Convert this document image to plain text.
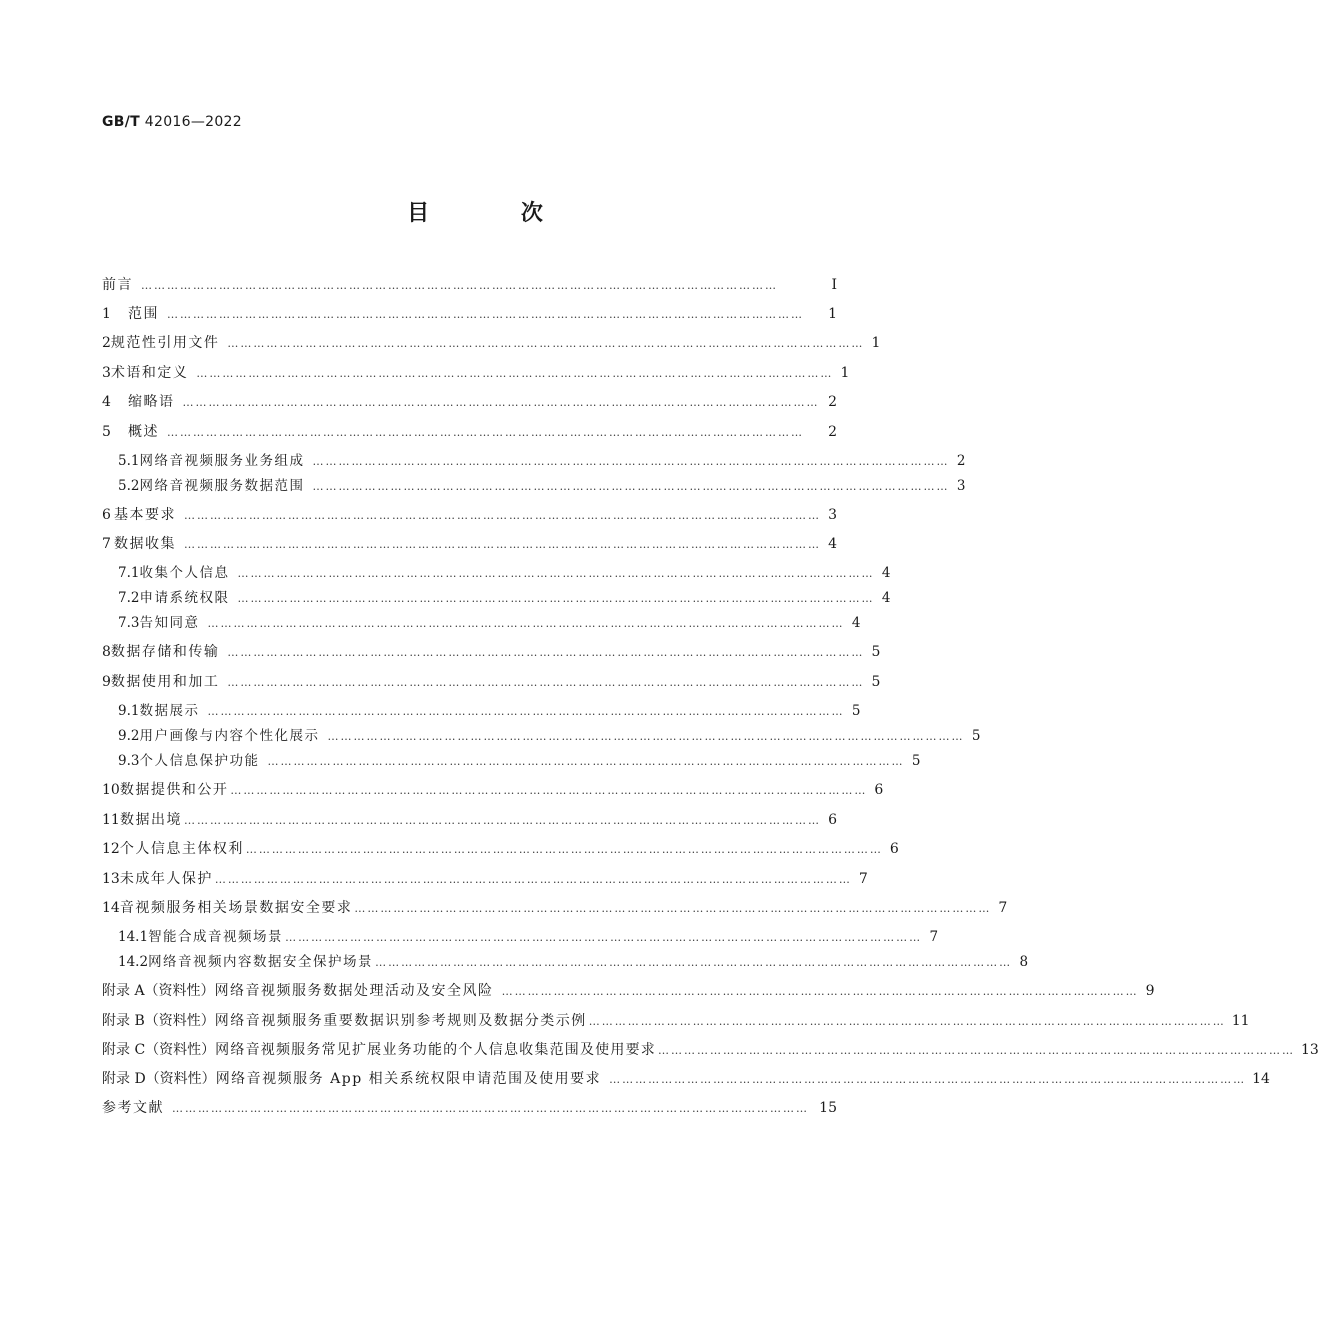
GB/T 42016—2022
目 次
前言 …………………………………………………………………………………………………………………………………	Ⅰ
1	范围 …………………………………………………………………………………………………………………………………	1
2 规范性引用文件 ………………………………………………………………………………………………………………………………… 1
3 术语和定义 ………………………………………………………………………………………………………………………………… 1
4	缩略语 ………………………………………………………………………………………………………………………………… 2
5	概述 …………………………………………………………………………………………………………………………………	2
5.1 网络音视频服务业务组成 ………………………………………………………………………………………………………………………………… 2
5.2 网络音视频服务数据范围 ………………………………………………………………………………………………………………………………… 3
6 基本要求 ………………………………………………………………………………………………………………………………… 3
7 数据收集 ………………………………………………………………………………………………………………………………… 4
7.1 收集个人信息 ………………………………………………………………………………………………………………………………… 4
7.2 申请系统权限 ………………………………………………………………………………………………………………………………… 4
7.3 告知同意 ………………………………………………………………………………………………………………………………… 4
8 数据存储和传输 ………………………………………………………………………………………………………………………………… 5
9 数据使用和加工 ………………………………………………………………………………………………………………………………… 5
9.1 数据展示 ………………………………………………………………………………………………………………………………… 5
9.2 用户画像与内容个性化展示 ………………………………………………………………………………………………………………………………… 5
9.3 个人信息保护功能 ………………………………………………………………………………………………………………………………… 5
10 数据提供和公开 ………………………………………………………………………………………………………………………………… 6
11 数据出境 ………………………………………………………………………………………………………………………………… 6
12 个人信息主体权利 ………………………………………………………………………………………………………………………………… 6
13 未成年人保护 ………………………………………………………………………………………………………………………………… 7
14 音视频服务相关场景数据安全要求 ………………………………………………………………………………………………………………………………… 7
14.1 智能合成音视频场景 ………………………………………………………………………………………………………………………………… 7
14.2 网络音视频内容数据安全保护场景 ………………………………………………………………………………………………………………………………… 8
附录 A（资料性） 网络音视频服务数据处理活动及安全风险 ………………………………………………………………………………………………………………………………… 9
附录 B（资料性） 网络音视频服务重要数据识别参考规则及数据分类示例 ………………………………………………………………………………………………………………………………… 11
附录 C（资料性） 网络音视频服务常见扩展业务功能的个人信息收集范围及使用要求 ………………………………………………………………………………………………………………………………… 13
附录 D（资料性） 网络音视频服务 App 相关系统权限申请范围及使用要求 ………………………………………………………………………………………………………………………………… 14
参考文献 ………………………………………………………………………………………………………………………………… 15
